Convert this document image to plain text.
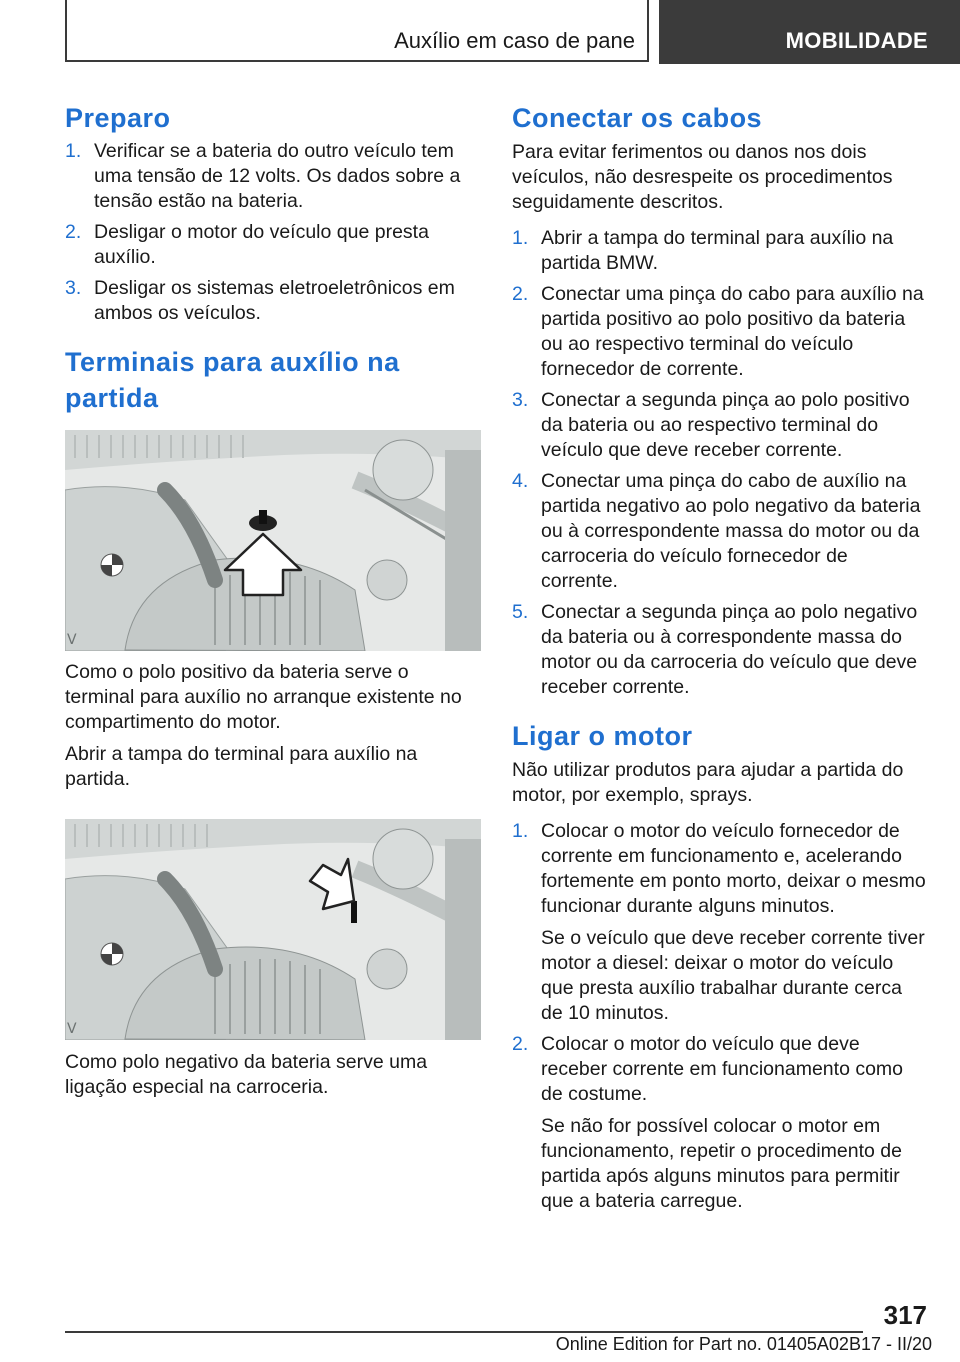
Auxílio em caso de pane	MOBILIDADE
Preparo
1. Verificar se a bateria do outro veículo tem uma tensão de 12 volts. Os dados sobre a tensão estão na bateria.
2. Desligar o motor do veículo que presta auxílio.
3. Desligar os sistemas eletroeletrônicos em ambos os veículos.
Terminais para auxílio na partida
V

Como o polo positivo da bateria serve o terminal para auxílio no arranque existente no compartimento do motor.

Abrir a tampa do terminal para auxílio na partida.

V

Como polo negativo da bateria serve uma ligação especial na carroceria.

Conectar os cabos

Para evitar ferimentos ou danos nos dois veículos, não desrespeite os procedimentos seguidamente descritos.

1. Abrir a tampa do terminal para auxílio na partida BMW.
2. Conectar uma pinça do cabo para auxílio na partida positivo ao polo positivo da bateria ou ao respectivo terminal do veículo fornecedor de corrente.
3. Conectar a segunda pinça ao polo positivo da bateria ou ao respectivo terminal do veículo que deve receber corrente.
4. Conectar uma pinça do cabo de auxílio na partida negativo ao polo negativo da bateria ou à correspondente massa do motor ou da carroceria do veículo fornecedor de corrente.
5. Conectar a segunda pinça ao polo negativo da bateria ou à correspondente massa do motor ou da carroceria do veículo que deve receber corrente.
Ligar o motor

Não utilizar produtos para ajudar a partida do motor, por exemplo, sprays.

1. Colocar o motor do veículo fornecedor de corrente em funcionamento e, acelerando fortemente em ponto morto, deixar o mesmo funcionar durante alguns minutos.
Se o veículo que deve receber corrente tiver motor a diesel: deixar o motor do veículo que presta auxílio trabalhar durante cerca de 10 minutos.
2. Colocar o motor do veículo que deve receber corrente em funcionamento como de costume.
Se não for possível colocar o motor em funcionamento, repetir o procedimento de partida após alguns minutos para permitir que a bateria carregue.
317
Online Edition for Part no. 01405A02B17 - II/20
